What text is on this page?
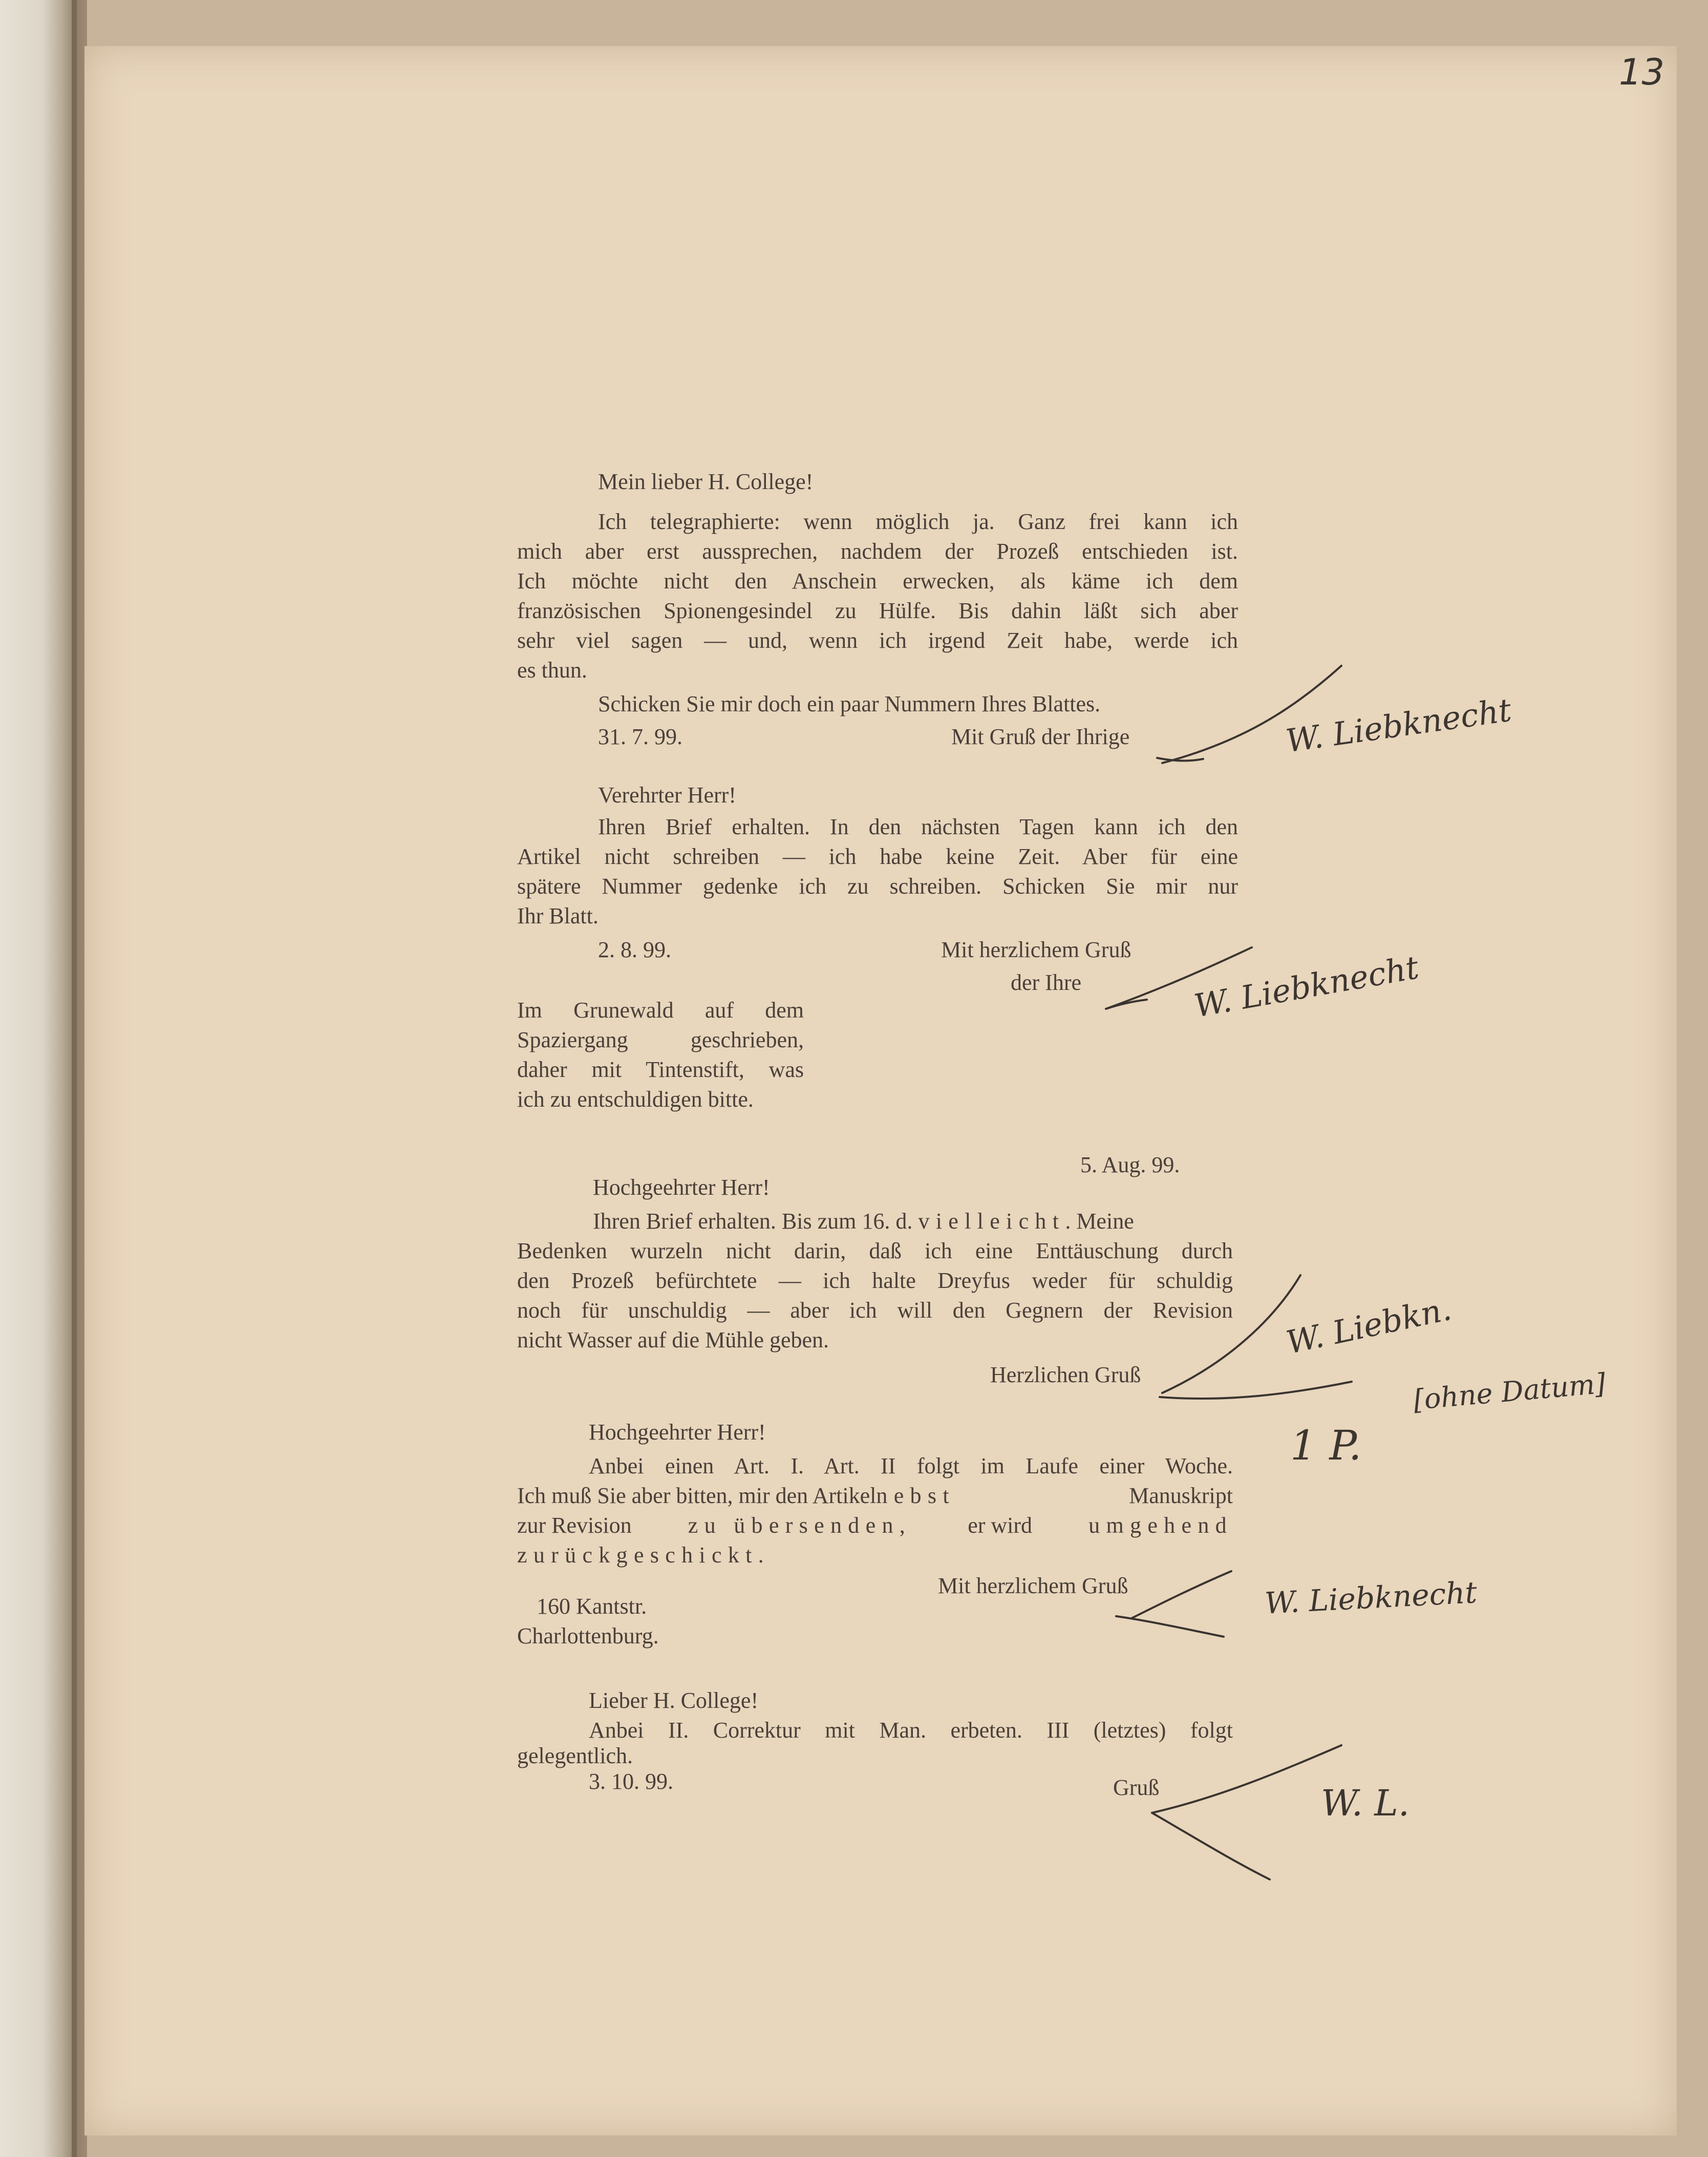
13
Mein lieber H. College!
Ich telegraphierte: wenn möglich ja. Ganz frei kann ich
mich aber erst aussprechen, nachdem der Prozeß entschieden ist.
Ich möchte nicht den Anschein erwecken, als käme ich dem
französischen Spionengesindel zu Hülfe. Bis dahin läßt sich aber
sehr viel sagen — und, wenn ich irgend Zeit habe, werde ich
es thun.
Schicken Sie mir doch ein paar Nummern Ihres Blattes.
31. 7. 99.	Mit Gruß der Ihrige	W. Liebknecht
Verehrter Herr!
Ihren Brief erhalten. In den nächsten Tagen kann ich den
Artikel nicht schreiben — ich habe keine Zeit. Aber für eine
spätere Nummer gedenke ich zu schreiben. Schicken Sie mir nur
Ihr Blatt.
2. 8. 99.	Mit herzlichem Gruß
der Ihre	W. Liebknecht
Im Grunewald auf dem
Spaziergang geschrieben,
daher mit Tintenstift, was
ich zu entschuldigen bitte.
5. Aug. 99.
Hochgeehrter Herr!
Ihren Brief erhalten. Bis zum 16. d. vielleicht. Meine
Bedenken wurzeln nicht darin, daß ich eine Enttäuschung durch
den Prozeß befürchtete — ich halte Dreyfus weder für schuldig
noch für unschuldig — aber ich will den Gegnern der Revision
nicht Wasser auf die Mühle geben.
Herzlichen Gruß
W. Liebkn.
[ohne Datum]
Hochgeehrter Herr!
Anbei einen Art. I. Art. II folgt im Laufe einer Woche.
Ich muß Sie aber bitten, mir den Artikel nebst	Manuskript
zur Revision	zu übersenden,	er wird	umgehend
zurückgeschickt.
Mit herzlichem Gruß
160 Kantstr.
Charlottenburg.
1 P.
W. Liebknecht
Lieber H. College!
Anbei II. Correktur mit Man. erbeten. III (letztes) folgt
gelegentlich.
3. 10. 99.	Gruß	W. L.
